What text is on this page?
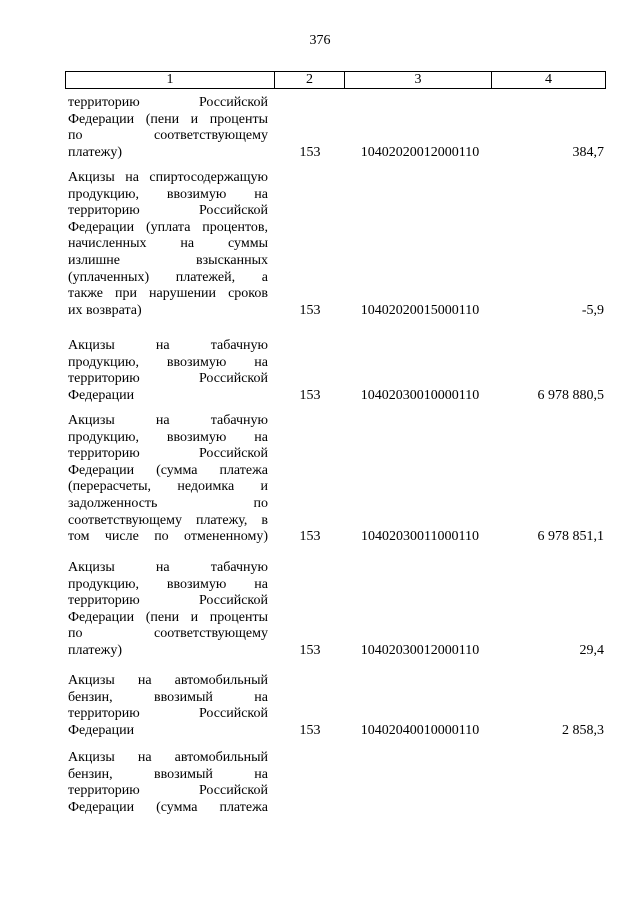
376
1	2	3	4
территорию Российской
Федерации (пени и проценты
по соответствующему
платежу)	153	10402020012000110	384,7
Акцизы на спиртосодержащую
продукцию, ввозимую на
территорию Российской
Федерации (уплата процентов,
начисленных на суммы
излишне взысканных
(уплаченных) платежей, а
также при нарушении сроков
их возврата)	153	10402020015000110	-5,9
Акцизы на табачную
продукцию, ввозимую на
территорию Российской
Федерации	153	10402030010000110	6 978 880,5
Акцизы на табачную
продукцию, ввозимую на
территорию Российской
Федерации (сумма платежа
(перерасчеты, недоимка и
задолженность по
соответствующему платежу, в
том числе по отмененному)	153	10402030011000110	6 978 851,1
Акцизы на табачную
продукцию, ввозимую на
территорию Российской
Федерации (пени и проценты
по соответствующему
платежу)	153	10402030012000110	29,4
Акцизы на автомобильный
бензин, ввозимый на
территорию Российской
Федерации	153	10402040010000110	2 858,3
Акцизы на автомобильный
бензин, ввозимый на
территорию Российской
Федерации (сумма платежа
